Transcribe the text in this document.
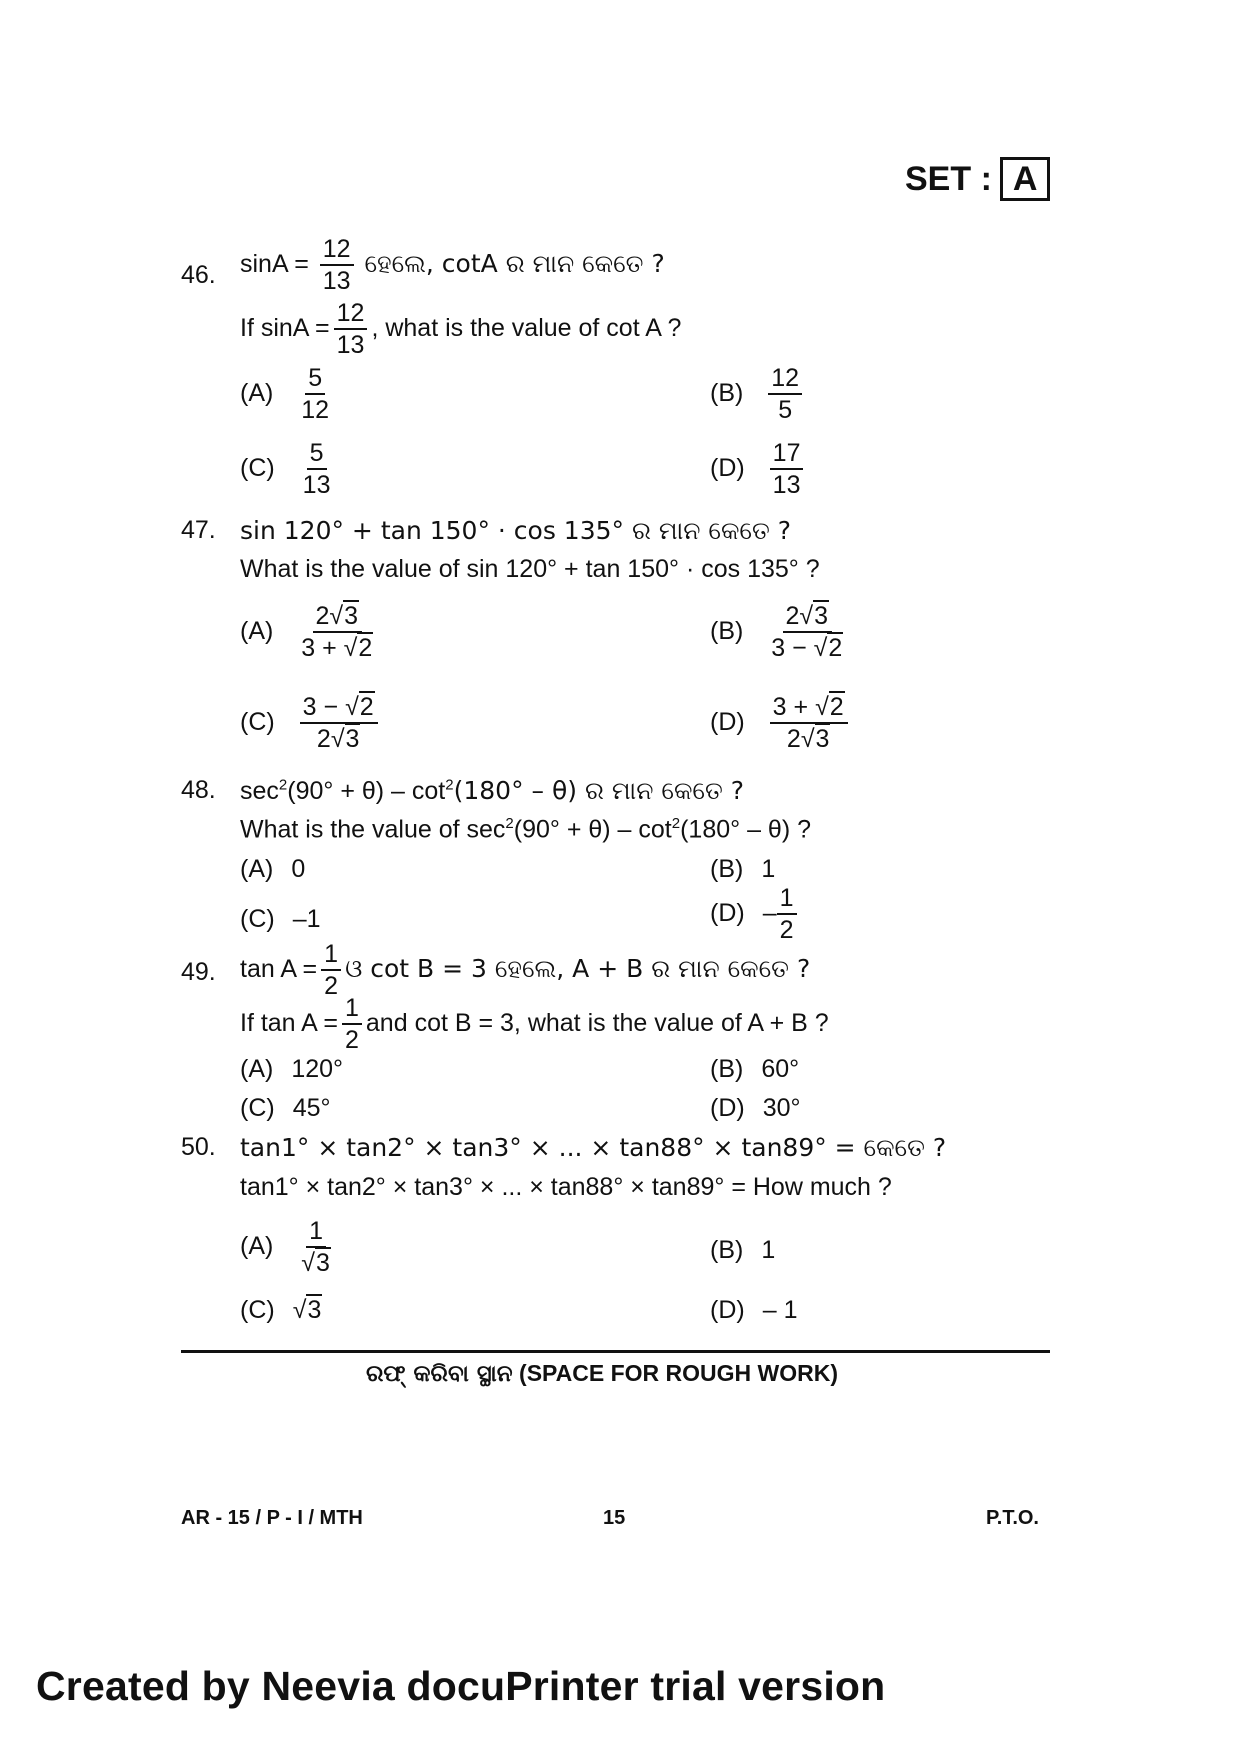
SET : A
46. $\sin A = \frac{12}{13}$ ହେଲେ, cotA ର ମାନ କେତେ ?
If $\sin A = \frac{12}{13}$ , what is the value of cot A ?
$(A) \frac{5}{12}$	$(B) \frac{12}{5}$
$(C) \frac{5}{13}$	$(D) \frac{17}{13}$
47. sin 120° + tan 150° · cos 135° ର ମାନ କେତେ ?
What is the value of sin 120° + tan 150° · cos 135° ?
$(A) \frac{2√3}{3 + √2}$	$(B) \frac{2√3}{3 - √2}$
$(C) \frac{3 - √2}{2√3}$	$(D) \frac{3 + √2}{2√3}$
48. $\sec^2(90^\circ + \theta) - \cot^2(180^\circ - \theta)$ ର ମାନ କେତେ ?
What is the value of $\sec^2(90^\circ + \theta) - \cot^2(180^\circ - \theta)$ ?
(A) 0	(B) 1
(C) –1	$(D) - \frac{1}{2}$
49. $\tan A = \frac{1}{2}$ ଓ cot B = 3 ହେଲେ, A + B ର ମାନ କେତେ ?
If $\tan A = \frac{1}{2}$ and cot B = 3, what is the value of A + B ?
(A) 120°	(B) 60°
(C) 45°	(D) 30°
50. tan1° × tan2° × tan3° × ... × tan88° × tan89° = କେତେ ?
tan1° × tan2° × tan3° × ... × tan88° × tan89° = How much ?
$(A) \frac{1}{√3}$	(B) 1
(C) √3	(D) – 1
ରଫ୍ କରିବା ସ୍ଥାନ (SPACE FOR ROUGH WORK)
AR - 15 / P - I / MTH	15	P.T.O.
Created by Neevia docuPrinter trial version
